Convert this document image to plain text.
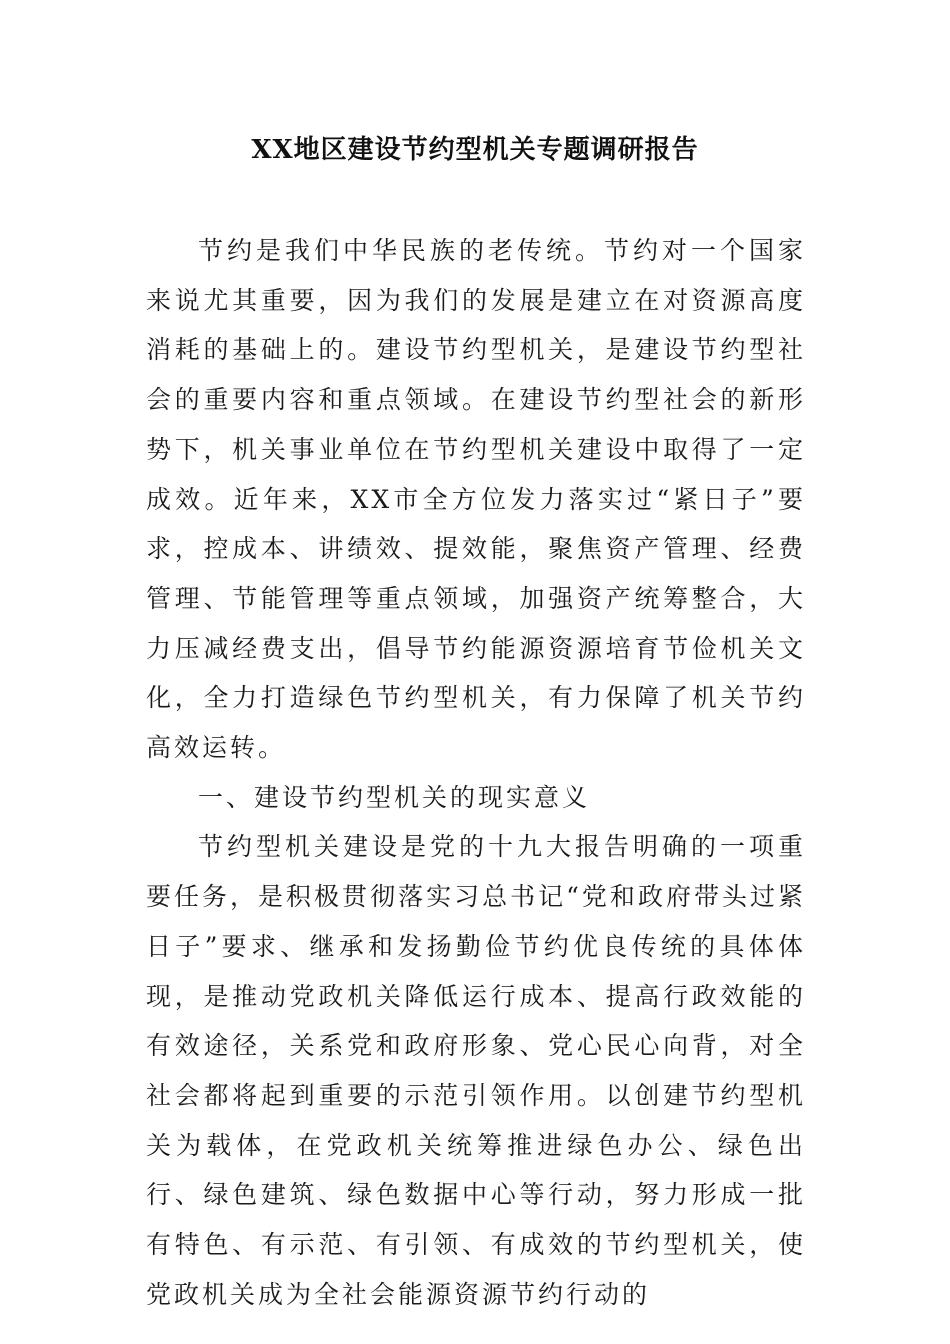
XX地区建设节约型机关专题调研报告

节约是我们中华民族的老传统。节约对一个国家来说尤其重要，因为我们的发展是建立在对资源高度消耗的基础上的。建设节约型机关，是建设节约型社会的重要内容和重点领域。在建设节约型社会的新形势下，机关事业单位在节约型机关建设中取得了一定成效。近年来，XX市全方位发力落实过“紧日子”要求，控成本、讲绩效、提效能，聚焦资产管理、经费管理、节能管理等重点领域，加强资产统筹整合，大力压减经费支出，倡导节约能源资源培育节俭机关文化，全力打造绿色节约型机关，有力保障了机关节约高效运转。

一、建设节约型机关的现实意义

节约型机关建设是党的十九大报告明确的一项重要任务，是积极贯彻落实习总书记“党和政府带头过紧日子”要求、继承和发扬勤俭节约优良传统的具体体现，是推动党政机关降低运行成本、提高行政效能的有效途径，关系党和政府形象、党心民心向背，对全社会都将起到重要的示范引领作用。以创建节约型机关为载体，在党政机关统筹推进绿色办公、绿色出行、绿色建筑、绿色数据中心等行动，努力形成一批有特色、有示范、有引领、有成效的节约型机关，使党政机关成为全社会能源资源节约行动的
